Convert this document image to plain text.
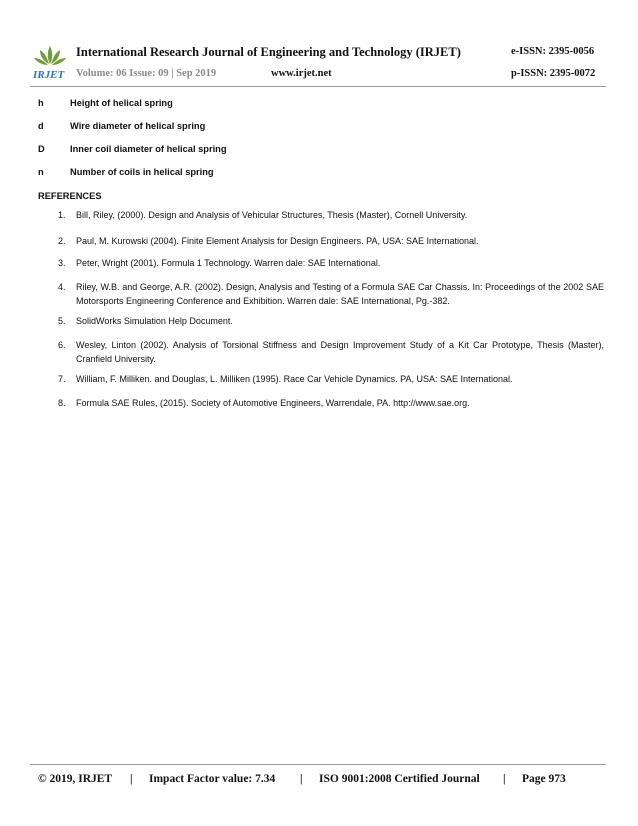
IRJET
International Research Journal of Engineering and Technology (IRJET)	e-ISSN: 2395-0056
Volume: 06 Issue: 09 | Sep 2019	www.irjet.net	p-ISSN: 2395-0072
h	Height of helical spring
d	Wire diameter of helical spring
D	Inner coil diameter of helical spring
n	Number of coils in helical spring
REFERENCES
1. Bill, Riley, (2000). Design and Analysis of Vehicular Structures, Thesis (Master), Cornell University.
2. Paul, M. Kurowski (2004). Finite Element Analysis for Design Engineers. PA, USA: SAE International.
3. Peter, Wright (2001). Formula 1 Technology. Warren dale: SAE International.
4. Riley, W.B. and George, A.R. (2002). Design, Analysis and Testing of a Formula SAE Car Chassis. In: Proceedings of the 2002 SAE Motorsports Engineering Conference and Exhibition. Warren dale: SAE International, Pg.-382.
5. SolidWorks Simulation Help Document.
6. Wesley, Linton (2002). Analysis of Torsional Stiffness and Design Improvement Study of a Kit Car Prototype, Thesis (Master), Cranfield University.
7. William, F. Milliken. and Douglas, L. Milliken (1995). Race Car Vehicle Dynamics. PA, USA: SAE International.
8. Formula SAE Rules, (2015). Society of Automotive Engineers, Warrendale, PA. http://www.sae.org.
© 2019, IRJET | Impact Factor value: 7.34 | ISO 9001:2008 Certified Journal | Page 973
